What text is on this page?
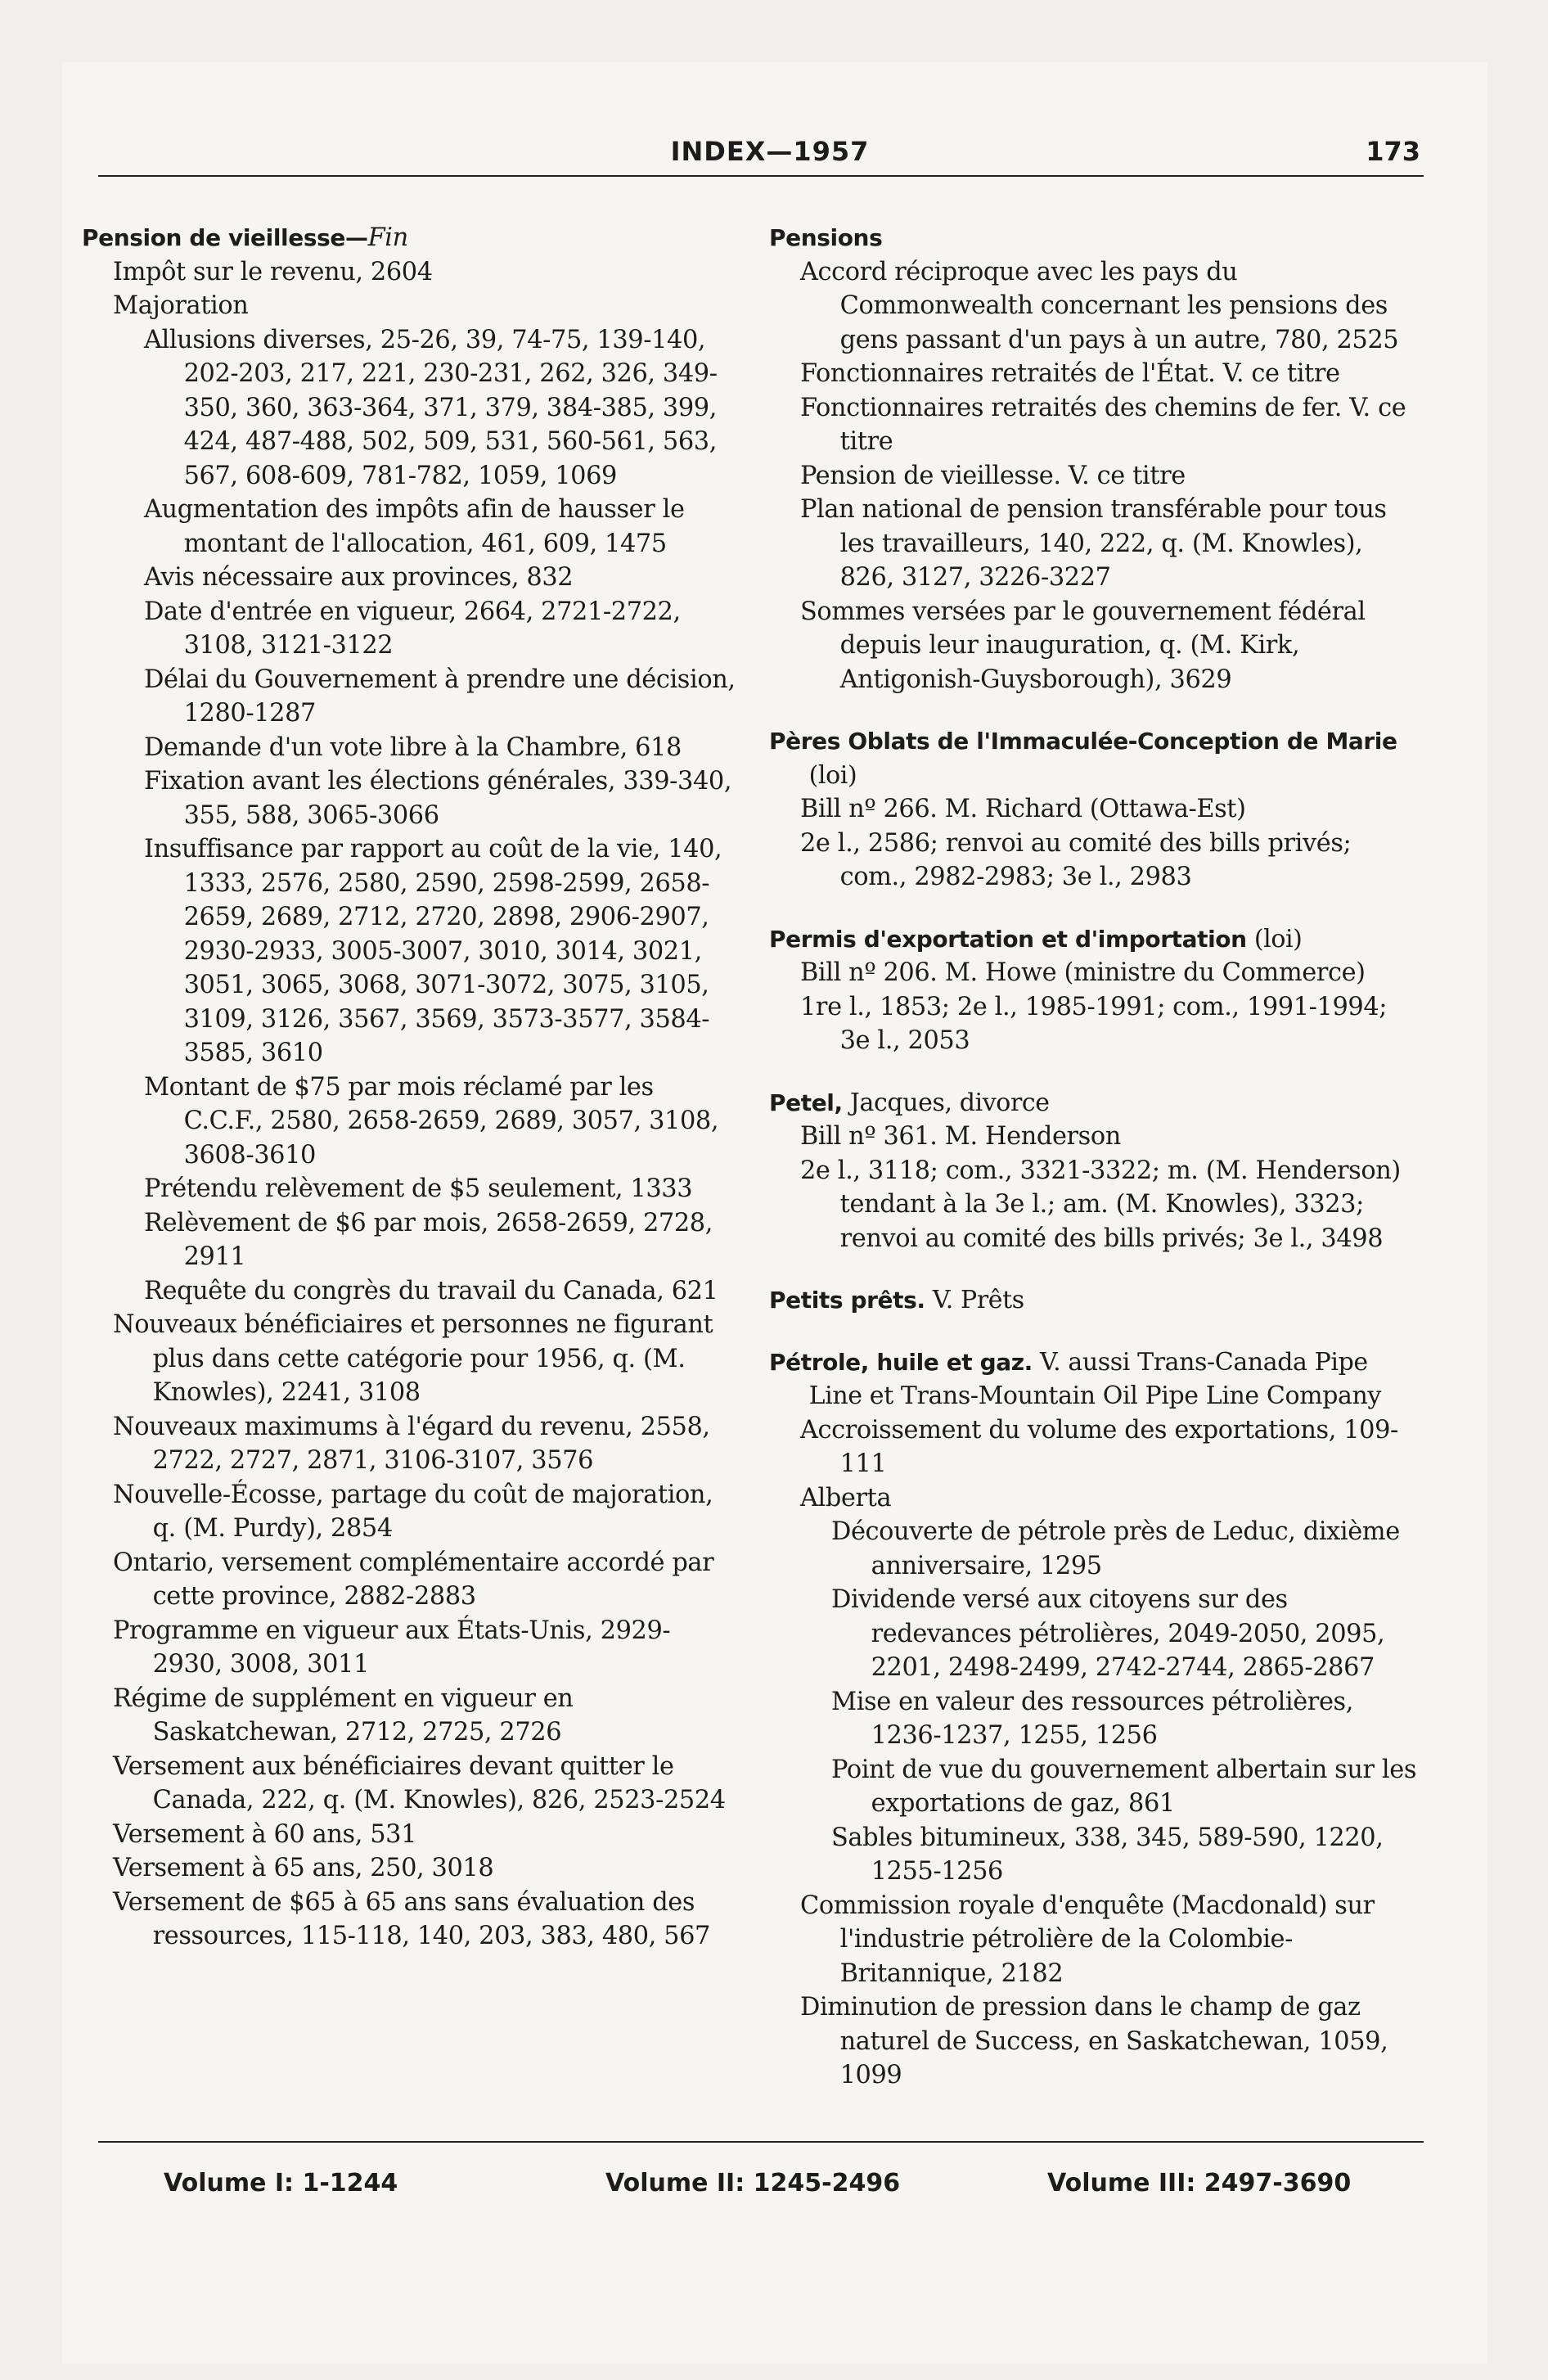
INDEX—1957	173

Pension de vieillesse—Fin

Impôt sur le revenu, 2604

Majoration

Allusions diverses, 25-26, 39, 74-75, 139-140, 202-203, 217, 221, 230-231, 262, 326, 349-350, 360, 363-364, 371, 379, 384-385, 399, 424, 487-488, 502, 509, 531, 560-561, 563, 567, 608-609, 781-782, 1059, 1069

Augmentation des impôts afin de hausser le montant de l'allocation, 461, 609, 1475

Avis nécessaire aux provinces, 832

Date d'entrée en vigueur, 2664, 2721-2722, 3108, 3121-3122

Délai du Gouvernement à prendre une décision, 1280-1287

Demande d'un vote libre à la Chambre, 618

Fixation avant les élections générales, 339-340, 355, 588, 3065-3066

Insuffisance par rapport au coût de la vie, 140, 1333, 2576, 2580, 2590, 2598-2599, 2658-2659, 2689, 2712, 2720, 2898, 2906-2907, 2930-2933, 3005-3007, 3010, 3014, 3021, 3051, 3065, 3068, 3071-3072, 3075, 3105, 3109, 3126, 3567, 3569, 3573-3577, 3584-3585, 3610

Montant de $75 par mois réclamé par les C.C.F., 2580, 2658-2659, 2689, 3057, 3108, 3608-3610

Prétendu relèvement de $5 seulement, 1333

Relèvement de $6 par mois, 2658-2659, 2728, 2911

Requête du congrès du travail du Canada, 621

Nouveaux bénéficiaires et personnes ne figurant plus dans cette catégorie pour 1956, q. (M. Knowles), 2241, 3108

Nouveaux maximums à l'égard du revenu, 2558, 2722, 2727, 2871, 3106-3107, 3576

Nouvelle-Écosse, partage du coût de majoration, q. (M. Purdy), 2854

Ontario, versement complémentaire accordé par cette province, 2882-2883

Programme en vigueur aux États-Unis, 2929-2930, 3008, 3011

Régime de supplément en vigueur en Saskatchewan, 2712, 2725, 2726

Versement aux bénéficiaires devant quitter le Canada, 222, q. (M. Knowles), 826, 2523-2524

Versement à 60 ans, 531

Versement à 65 ans, 250, 3018

Versement de $65 à 65 ans sans évaluation des ressources, 115-118, 140, 203, 383, 480, 567

Pensions

Accord réciproque avec les pays du Commonwealth concernant les pensions des gens passant d'un pays à un autre, 780, 2525

Fonctionnaires retraités de l'État. V. ce titre

Fonctionnaires retraités des chemins de fer. V. ce titre

Pension de vieillesse. V. ce titre

Plan national de pension transférable pour tous les travailleurs, 140, 222, q. (M. Knowles), 826, 3127, 3226-3227

Sommes versées par le gouvernement fédéral depuis leur inauguration, q. (M. Kirk, Antigonish-Guysborough), 3629

Pères Oblats de l'Immaculée-Conception de Marie (loi)

Bill nº 266. M. Richard (Ottawa-Est)

2e l., 2586; renvoi au comité des bills privés; com., 2982-2983; 3e l., 2983

Permis d'exportation et d'importation (loi)

Bill nº 206. M. Howe (ministre du Commerce)

1re l., 1853; 2e l., 1985-1991; com., 1991-1994; 3e l., 2053

Petel, Jacques, divorce

Bill nº 361. M. Henderson

2e l., 3118; com., 3321-3322; m. (M. Henderson) tendant à la 3e l.; am. (M. Knowles), 3323; renvoi au comité des bills privés; 3e l., 3498

Petits prêts. V. Prêts

Pétrole, huile et gaz. V. aussi Trans-Canada Pipe Line et Trans-Mountain Oil Pipe Line Company

Accroissement du volume des exportations, 109-111

Alberta

Découverte de pétrole près de Leduc, dixième anniversaire, 1295

Dividende versé aux citoyens sur des redevances pétrolières, 2049-2050, 2095, 2201, 2498-2499, 2742-2744, 2865-2867

Mise en valeur des ressources pétrolières, 1236-1237, 1255, 1256

Point de vue du gouvernement albertain sur les exportations de gaz, 861

Sables bitumineux, 338, 345, 589-590, 1220, 1255-1256

Commission royale d'enquête (Macdonald) sur l'industrie pétrolière de la Colombie-Britannique, 2182

Diminution de pression dans le champ de gaz naturel de Success, en Saskatchewan, 1059, 1099

Volume I: 1-1244	Volume II: 1245-2496	Volume III: 2497-3690
